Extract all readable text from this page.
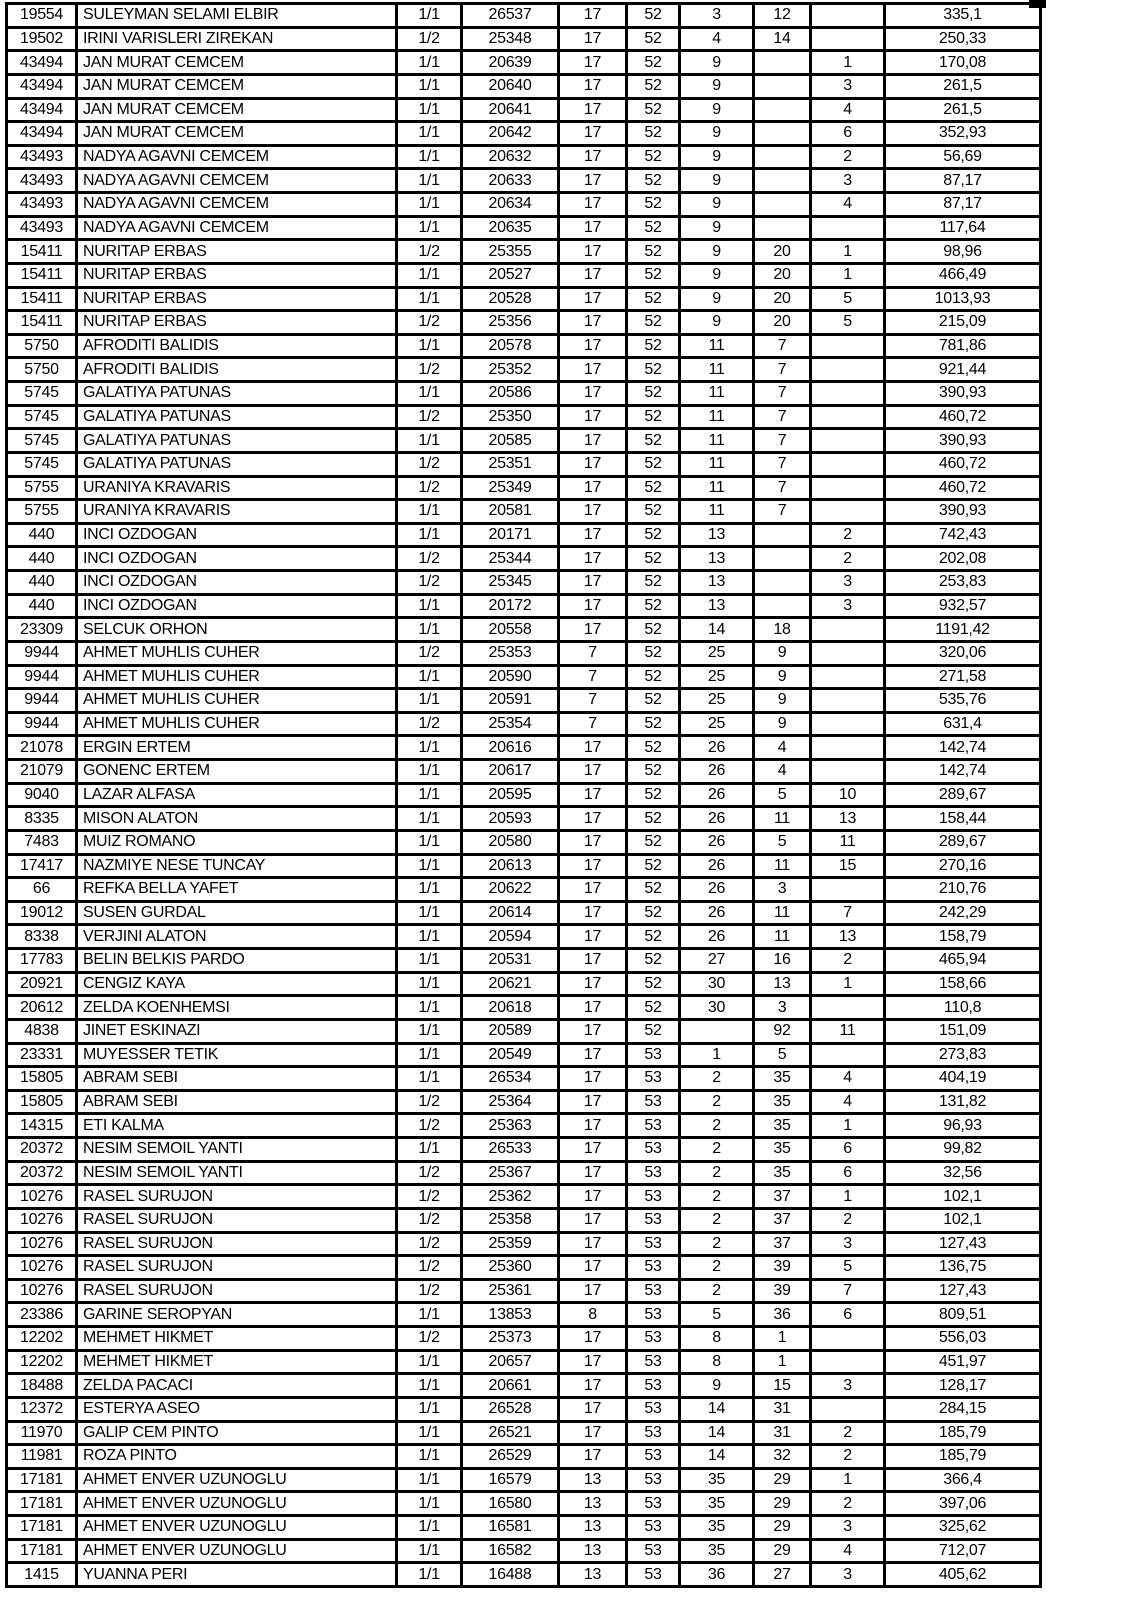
19554	SULEYMAN SELAMI ELBIR	1/1	26537	17	52	3	12		335,1
19502	IRINI VARISLERI ZIREKAN	1/2	25348	17	52	4	14		250,33
43494	JAN MURAT CEMCEM	1/1	20639	17	52	9		1	170,08
43494	JAN MURAT CEMCEM	1/1	20640	17	52	9		3	261,5
43494	JAN MURAT CEMCEM	1/1	20641	17	52	9		4	261,5
43494	JAN MURAT CEMCEM	1/1	20642	17	52	9		6	352,93
43493	NADYA AGAVNI CEMCEM	1/1	20632	17	52	9		2	56,69
43493	NADYA AGAVNI CEMCEM	1/1	20633	17	52	9		3	87,17
43493	NADYA AGAVNI CEMCEM	1/1	20634	17	52	9		4	87,17
43493	NADYA AGAVNI CEMCEM	1/1	20635	17	52	9			117,64
15411	NURITAP ERBAS	1/2	25355	17	52	9	20	1	98,96
15411	NURITAP ERBAS	1/1	20527	17	52	9	20	1	466,49
15411	NURITAP ERBAS	1/1	20528	17	52	9	20	5	1013,93
15411	NURITAP ERBAS	1/2	25356	17	52	9	20	5	215,09
5750	AFRODITI BALIDIS	1/1	20578	17	52	11	7		781,86
5750	AFRODITI BALIDIS	1/2	25352	17	52	11	7		921,44
5745	GALATIYA PATUNAS	1/1	20586	17	52	11	7		390,93
5745	GALATIYA PATUNAS	1/2	25350	17	52	11	7		460,72
5745	GALATIYA PATUNAS	1/1	20585	17	52	11	7		390,93
5745	GALATIYA PATUNAS	1/2	25351	17	52	11	7		460,72
5755	URANIYA KRAVARIS	1/2	25349	17	52	11	7		460,72
5755	URANIYA KRAVARIS	1/1	20581	17	52	11	7		390,93
440	INCI OZDOGAN	1/1	20171	17	52	13		2	742,43
440	INCI OZDOGAN	1/2	25344	17	52	13		2	202,08
440	INCI OZDOGAN	1/2	25345	17	52	13		3	253,83
440	INCI OZDOGAN	1/1	20172	17	52	13		3	932,57
23309	SELCUK ORHON	1/1	20558	17	52	14	18		1191,42
9944	AHMET MUHLIS CUHER	1/2	25353	7	52	25	9		320,06
9944	AHMET MUHLIS CUHER	1/1	20590	7	52	25	9		271,58
9944	AHMET MUHLIS CUHER	1/1	20591	7	52	25	9		535,76
9944	AHMET MUHLIS CUHER	1/2	25354	7	52	25	9		631,4
21078	ERGIN ERTEM	1/1	20616	17	52	26	4		142,74
21079	GONENC ERTEM	1/1	20617	17	52	26	4		142,74
9040	LAZAR ALFASA	1/1	20595	17	52	26	5	10	289,67
8335	MISON ALATON	1/1	20593	17	52	26	11	13	158,44
7483	MUIZ ROMANO	1/1	20580	17	52	26	5	11	289,67
17417	NAZMIYE NESE TUNCAY	1/1	20613	17	52	26	11	15	270,16
66	REFKA BELLA YAFET	1/1	20622	17	52	26	3		210,76
19012	SUSEN GURDAL	1/1	20614	17	52	26	11	7	242,29
8338	VERJINI ALATON	1/1	20594	17	52	26	11	13	158,79
17783	BELIN BELKIS PARDO	1/1	20531	17	52	27	16	2	465,94
20921	CENGIZ KAYA	1/1	20621	17	52	30	13	1	158,66
20612	ZELDA KOENHEMSI	1/1	20618	17	52	30	3		110,8
4838	JINET ESKINAZI	1/1	20589	17	52		92	11	151,09
23331	MUYESSER TETIK	1/1	20549	17	53	1	5		273,83
15805	ABRAM SEBI	1/1	26534	17	53	2	35	4	404,19
15805	ABRAM SEBI	1/2	25364	17	53	2	35	4	131,82
14315	ETI KALMA	1/2	25363	17	53	2	35	1	96,93
20372	NESIM SEMOIL YANTI	1/1	26533	17	53	2	35	6	99,82
20372	NESIM SEMOIL YANTI	1/2	25367	17	53	2	35	6	32,56
10276	RASEL SURUJON	1/2	25362	17	53	2	37	1	102,1
10276	RASEL SURUJON	1/2	25358	17	53	2	37	2	102,1
10276	RASEL SURUJON	1/2	25359	17	53	2	37	3	127,43
10276	RASEL SURUJON	1/2	25360	17	53	2	39	5	136,75
10276	RASEL SURUJON	1/2	25361	17	53	2	39	7	127,43
23386	GARINE SEROPYAN	1/1	13853	8	53	5	36	6	809,51
12202	MEHMET HIKMET	1/2	25373	17	53	8	1		556,03
12202	MEHMET HIKMET	1/1	20657	17	53	8	1		451,97
18488	ZELDA PACACI	1/1	20661	17	53	9	15	3	128,17
12372	ESTERYA ASEO	1/1	26528	17	53	14	31		284,15
11970	GALIP CEM PINTO	1/1	26521	17	53	14	31	2	185,79
11981	ROZA PINTO	1/1	26529	17	53	14	32	2	185,79
17181	AHMET ENVER UZUNOGLU	1/1	16579	13	53	35	29	1	366,4
17181	AHMET ENVER UZUNOGLU	1/1	16580	13	53	35	29	2	397,06
17181	AHMET ENVER UZUNOGLU	1/1	16581	13	53	35	29	3	325,62
17181	AHMET ENVER UZUNOGLU	1/1	16582	13	53	35	29	4	712,07
1415	YUANNA PERI	1/1	16488	13	53	36	27	3	405,62
